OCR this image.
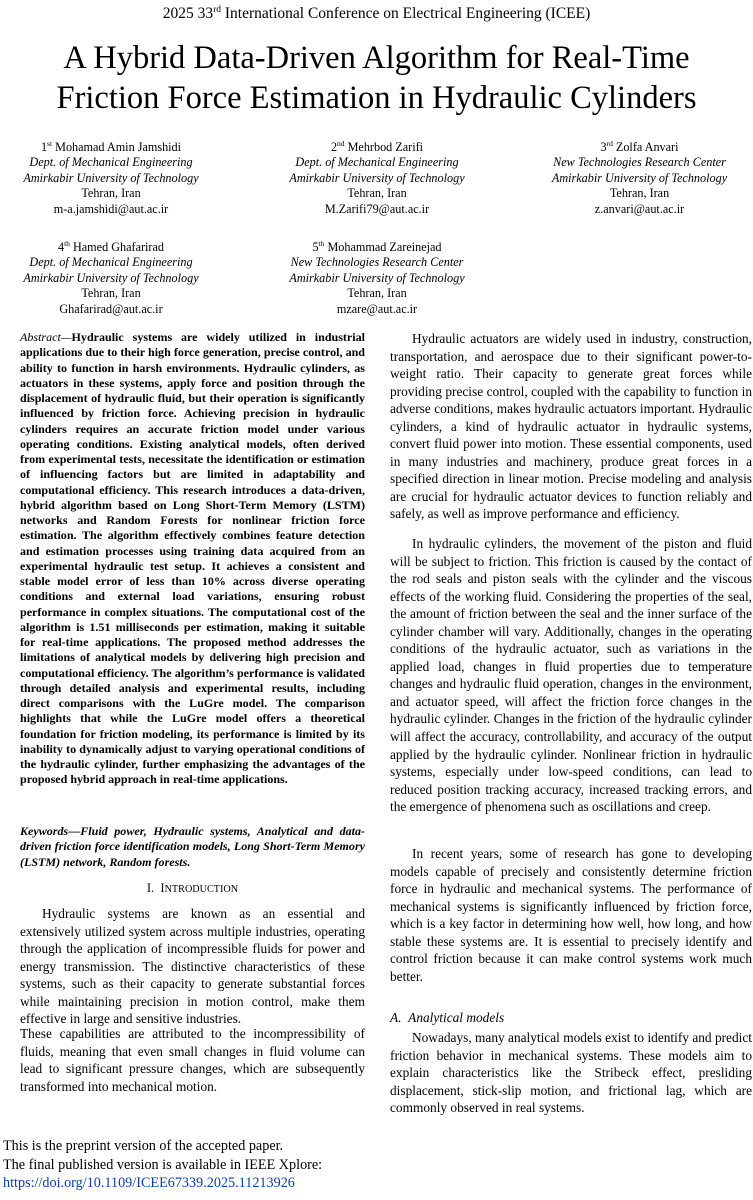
2025 33rd International Conference on Electrical Engineering (ICEE)
A Hybrid Data-Driven Algorithm for Real-Time
Friction Force Estimation in Hydraulic Cylinders
1st Mohamad Amin Jamshidi
Dept. of Mechanical Engineering
Amirkabir University of Technology
Tehran, Iran
m-a.jamshidi@aut.ac.ir
2nd Mehrbod Zarifi
Dept. of Mechanical Engineering
Amirkabir University of Technology
Tehran, Iran
M.Zarifi79@aut.ac.ir
3rd Zolfa Anvari
New Technologies Research Center
Amirkabir University of Technology
Tehran, Iran
z.anvari@aut.ac.ir
4th Hamed Ghafarirad
Dept. of Mechanical Engineering
Amirkabir University of Technology
Tehran, Iran
Ghafarirad@aut.ac.ir
5th Mohammad Zareinejad
New Technologies Research Center
Amirkabir University of Technology
Tehran, Iran
mzare@aut.ac.ir
Abstract—Hydraulic systems are widely utilized in industrial applications due to their high force generation, precise control, and ability to function in harsh environments. Hydraulic cylinders, as actuators in these systems, apply force and position through the displacement of hydraulic fluid, but their operation is significantly influenced by friction force. Achieving precision in hydraulic cylinders requires an accurate friction model under various operating conditions. Existing analytical models, often derived from experimental tests, necessitate the identification or estimation of influencing factors but are limited in adaptability and computational efficiency. This research introduces a data-driven, hybrid algorithm based on Long Short-Term Memory (LSTM) networks and Random Forests for nonlinear friction force estimation. The algorithm effectively combines feature detection and estimation processes using training data acquired from an experimental hydraulic test setup. It achieves a consistent and stable model error of less than 10% across diverse operating conditions and external load variations, ensuring robust performance in complex situations. The computational cost of the algorithm is 1.51 milliseconds per estimation, making it suitable for real-time applications. The proposed method addresses the limitations of analytical models by delivering high precision and computational efficiency. The algorithm’s performance is validated through detailed analysis and experimental results, including direct comparisons with the LuGre model. The comparison highlights that while the LuGre model offers a theoretical foundation for friction modeling, its performance is limited by its inability to dynamically adjust to varying operational conditions of the hydraulic cylinder, further emphasizing the advantages of the proposed hybrid approach in real-time applications.
Keywords—Fluid power, Hydraulic systems, Analytical and data-driven friction force identification models, Long Short-Term Memory (LSTM) network, Random forests.
I. INTRODUCTION
Hydraulic systems are known as an essential and extensively utilized system across multiple industries, operating through the application of incompressible fluids for power and energy transmission. The distinctive characteristics of these systems, such as their capacity to generate substantial forces while maintaining precision in motion control, make them effective in large and sensitive industries.
These capabilities are attributed to the incompressibility of fluids, meaning that even small changes in fluid volume can lead to significant pressure changes, which are subsequently transformed into mechanical motion.
Hydraulic actuators are widely used in industry, construction, transportation, and aerospace due to their significant power-to-weight ratio. Their capacity to generate great forces while providing precise control, coupled with the capability to function in adverse conditions, makes hydraulic actuators important. Hydraulic cylinders, a kind of hydraulic actuator in hydraulic systems, convert fluid power into motion. These essential components, used in many industries and machinery, produce great forces in a specified direction in linear motion. Precise modeling and analysis are crucial for hydraulic actuator devices to function reliably and safely, as well as improve performance and efficiency.
In hydraulic cylinders, the movement of the piston and fluid will be subject to friction. This friction is caused by the contact of the rod seals and piston seals with the cylinder and the viscous effects of the working fluid. Considering the properties of the seal, the amount of friction between the seal and the inner surface of the cylinder chamber will vary. Additionally, changes in the operating conditions of the hydraulic actuator, such as variations in the applied load, changes in fluid properties due to temperature changes and hydraulic fluid operation, changes in the environment, and actuator speed, will affect the friction force changes in the hydraulic cylinder. Changes in the friction of the hydraulic cylinder will affect the accuracy, controllability, and accuracy of the output applied by the hydraulic cylinder. Nonlinear friction in hydraulic systems, especially under low-speed conditions, can lead to reduced position tracking accuracy, increased tracking errors, and the emergence of phenomena such as oscillations and creep.
In recent years, some of research has gone to developing models capable of precisely and consistently determine friction force in hydraulic and mechanical systems. The performance of mechanical systems is significantly influenced by friction force, which is a key factor in determining how well, how long, and how stable these systems are. It is essential to precisely identify and control friction because it can make control systems work much better.
A. Analytical models
Nowadays, many analytical models exist to identify and predict friction behavior in mechanical systems. These models aim to explain characteristics like the Stribeck effect, presliding displacement, stick-slip motion, and frictional lag, which are commonly observed in real systems.
This is the preprint version of the accepted paper.
The final published version is available in IEEE Xplore:
https://doi.org/10.1109/ICEE67339.2025.11213926
